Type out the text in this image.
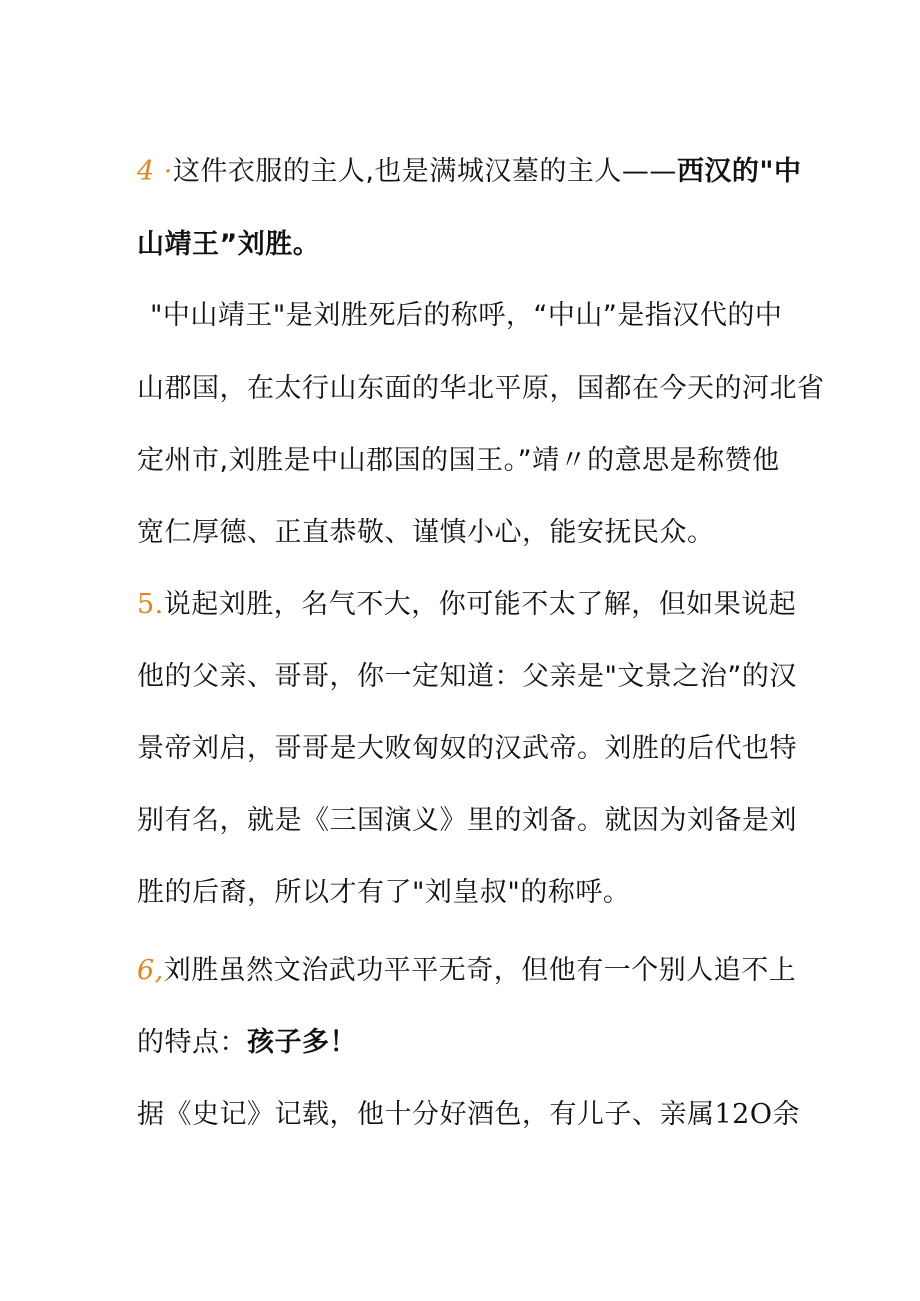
4 ·这件衣服的主人,也是满城汉墓的主人——西汉的"中
山靖王”刘胜。
"中山靖王"是刘胜死后的称呼，“中山”是指汉代的中
山郡国，在太行山东面的华北平原，国都在今天的河北省
定州市,刘胜是中山郡国的国王。”靖〃的意思是称赞他
宽仁厚德、正直恭敬、谨慎小心，能安抚民众。
5.说起刘胜，名气不大，你可能不太了解，但如果说起
他的父亲、哥哥，你一定知道：父亲是"文景之治”的汉
景帝刘启，哥哥是大败匈奴的汉武帝。刘胜的后代也特
别有名，就是《三国演义》里的刘备。就因为刘备是刘
胜的后裔，所以才有了"刘皇叔"的称呼。
6,刘胜虽然文治武功平平无奇，但他有一个别人追不上
的特点：孩子多！
据《史记》记载，他十分好酒色，有儿子、亲属12O余
